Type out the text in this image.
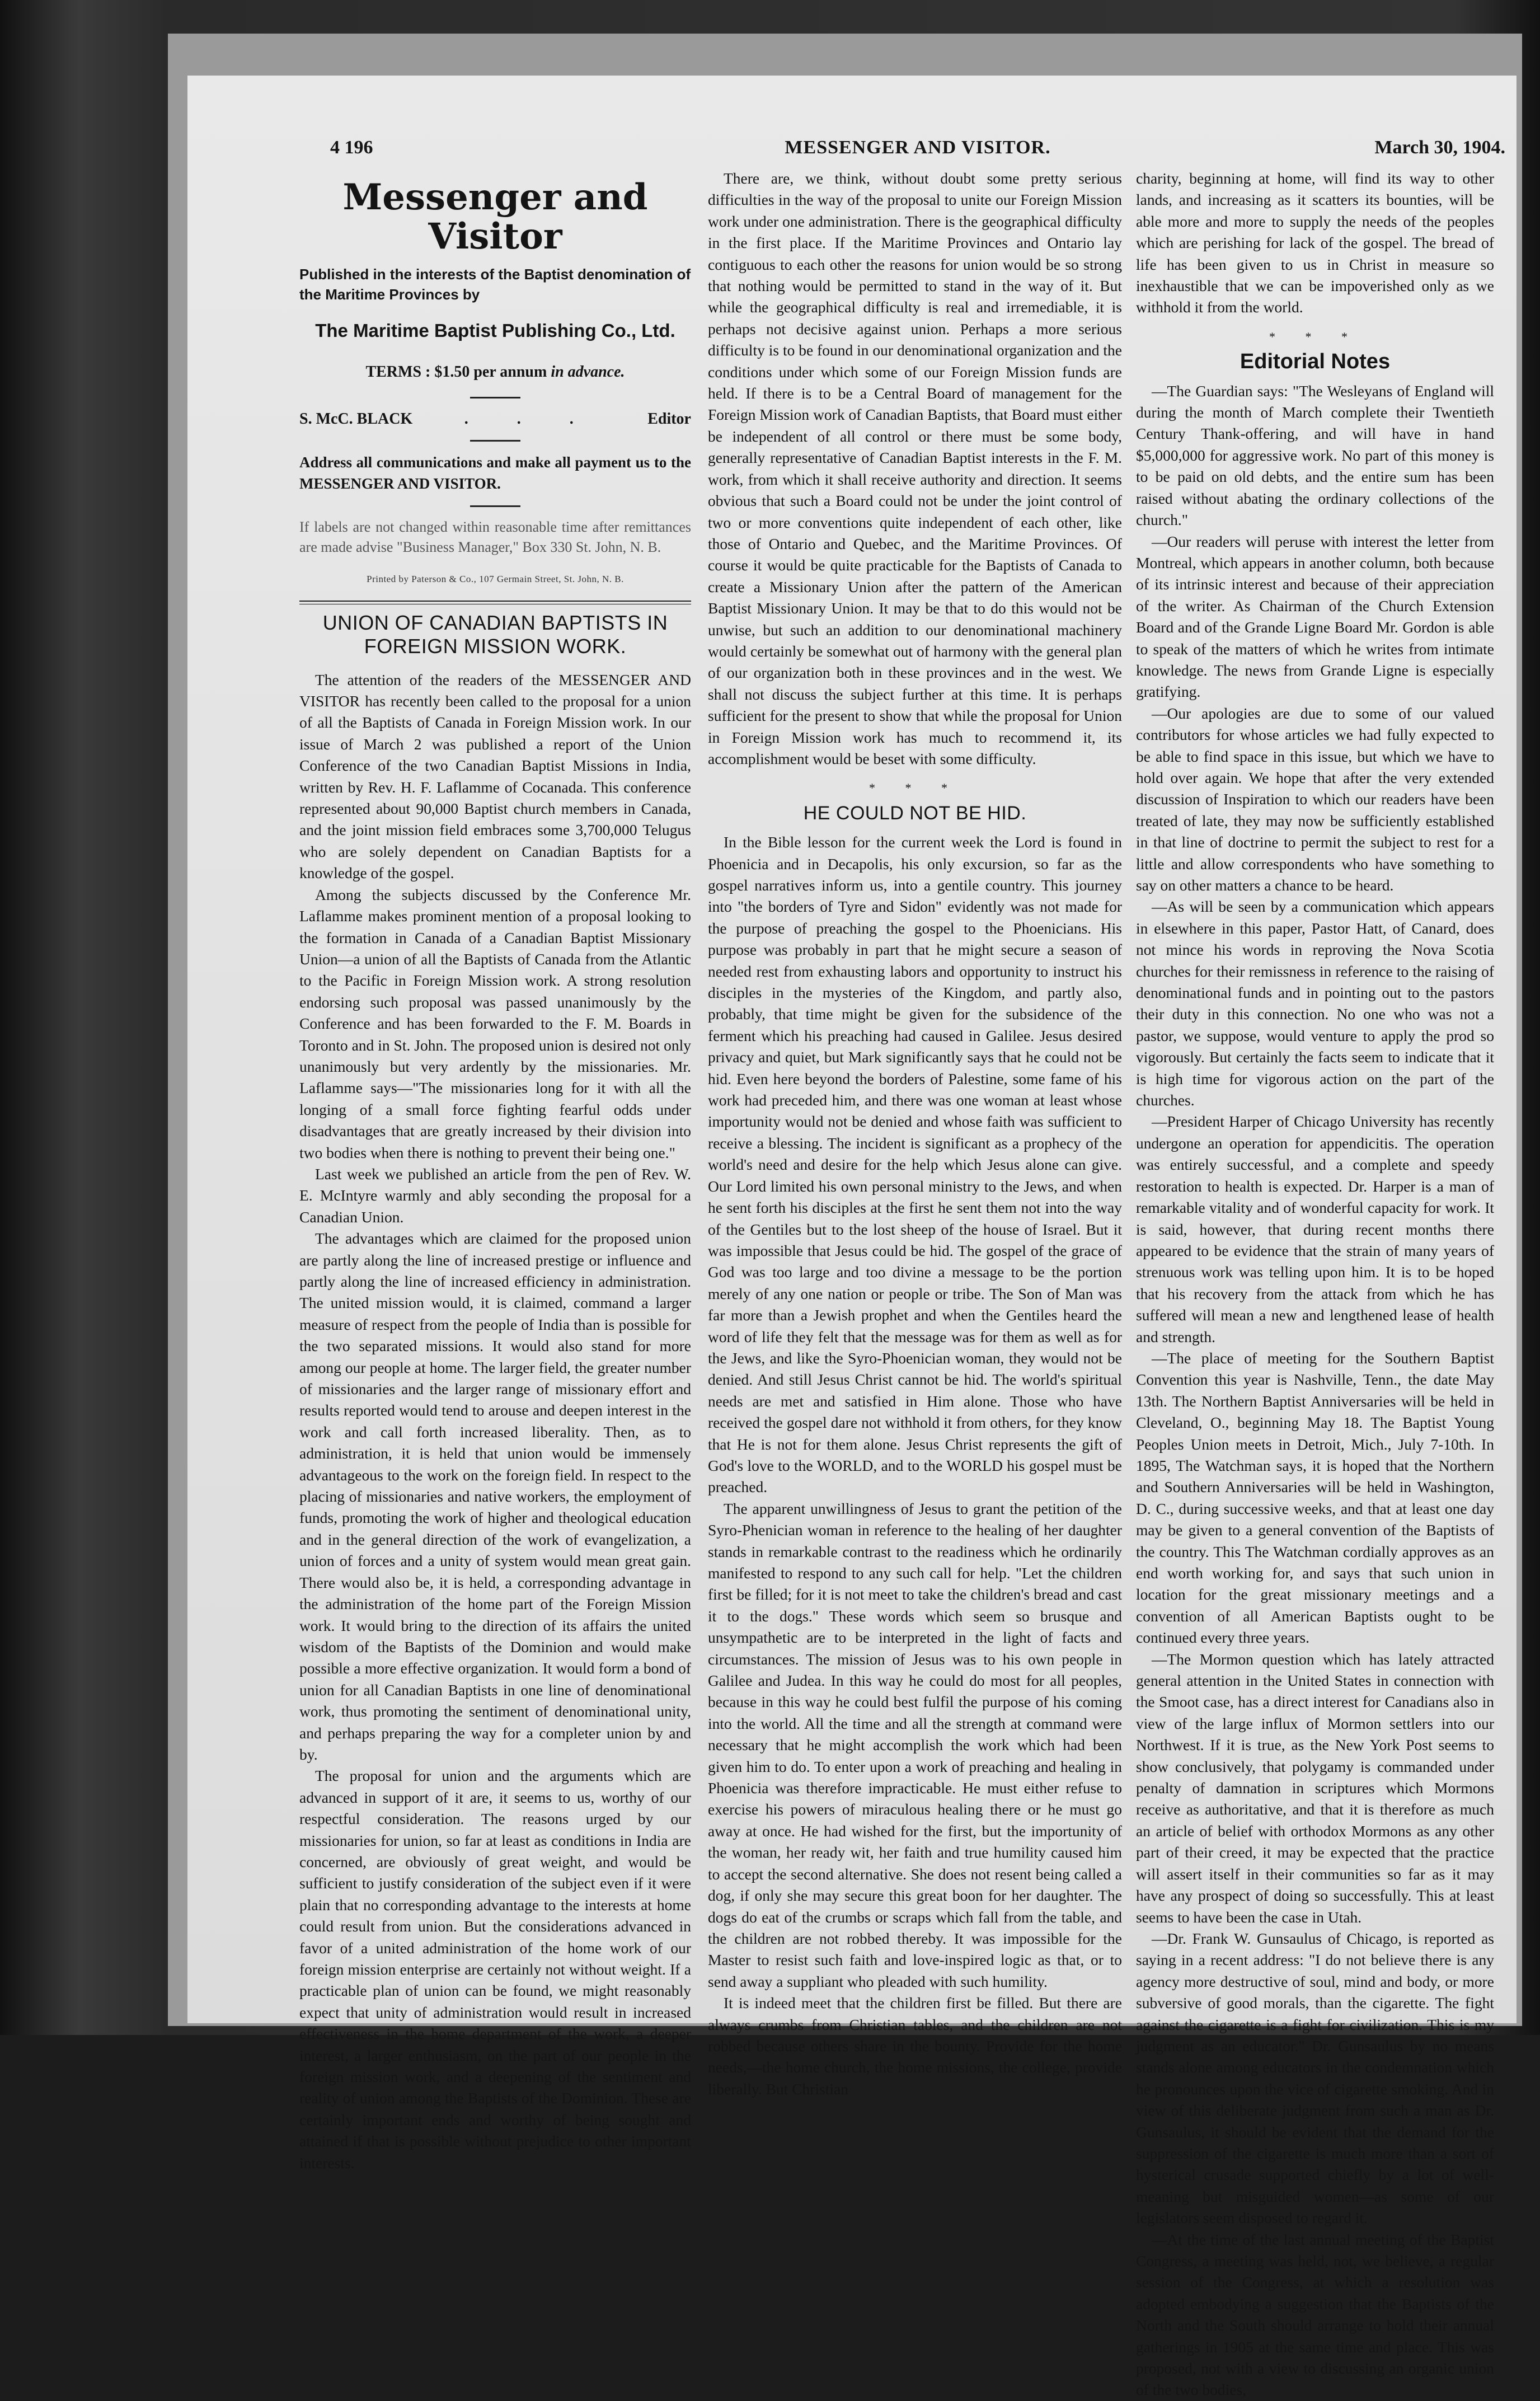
4 196	MESSENGER AND VISITOR.	March 30, 1904.
Messenger and Visitor
Published in the interests of the Baptist denomination of the Maritime Provinces by
The Maritime Baptist Publishing Co., Ltd.
TERMS : $1.50 per annum in advance.
S. McC. BLACK	. . .	Editor
Address all communications and make all payment us to the MESSENGER AND VISITOR.
If labels are not changed within reasonable time after remittances are made advise "Business Manager," Box 330 St. John, N. B.
Printed by Paterson & Co., 107 Germain Street, St. John, N. B.
UNION OF CANADIAN BAPTISTS IN FOREIGN MISSION WORK.

The attention of the readers of the MESSENGER AND VISITOR has recently been called to the proposal for a union of all the Baptists of Canada in Foreign Mission work. In our issue of March 2 was published a report of the Union Conference of the two Canadian Baptist Missions in India, written by Rev. H. F. Laflamme of Cocanada. This conference represented about 90,000 Baptist church members in Canada, and the joint mission field embraces some 3,700,000 Telugus who are solely dependent on Canadian Baptists for a knowledge of the gospel.

Among the subjects discussed by the Conference Mr. Laflamme makes prominent mention of a proposal looking to the formation in Canada of a Canadian Baptist Missionary Union—a union of all the Baptists of Canada from the Atlantic to the Pacific in Foreign Mission work. A strong resolution endorsing such proposal was passed unanimously by the Conference and has been forwarded to the F. M. Boards in Toronto and in St. John. The proposed union is desired not only unanimously but very ardently by the missionaries. Mr. Laflamme says—"The missionaries long for it with all the longing of a small force fighting fearful odds under disadvantages that are greatly increased by their division into two bodies when there is nothing to prevent their being one."

Last week we published an article from the pen of Rev. W. E. McIntyre warmly and ably seconding the proposal for a Canadian Union.

The advantages which are claimed for the proposed union are partly along the line of increased prestige or influence and partly along the line of increased efficiency in administration. The united mission would, it is claimed, command a larger measure of respect from the people of India than is possible for the two separated missions. It would also stand for more among our people at home. The larger field, the greater number of missionaries and the larger range of missionary effort and results reported would tend to arouse and deepen interest in the work and call forth increased liberality. Then, as to administration, it is held that union would be immensely advantageous to the work on the foreign field. In respect to the placing of missionaries and native workers, the employment of funds, promoting the work of higher and theological education and in the general direction of the work of evangelization, a union of forces and a unity of system would mean great gain. There would also be, it is held, a corresponding advantage in the administration of the home part of the Foreign Mission work. It would bring to the direction of its affairs the united wisdom of the Baptists of the Dominion and would make possible a more effective organization. It would form a bond of union for all Canadian Baptists in one line of denominational work, thus promoting the sentiment of denominational unity, and perhaps preparing the way for a completer union by and by.

The proposal for union and the arguments which are advanced in support of it are, it seems to us, worthy of our respectful consideration. The reasons urged by our missionaries for union, so far at least as conditions in India are concerned, are obviously of great weight, and would be sufficient to justify consideration of the subject even if it were plain that no corresponding advantage to the interests at home could result from union. But the considerations advanced in favor of a united administration of the home work of our foreign mission enterprise are certainly not without weight. If a practicable plan of union can be found, we might reasonably expect that unity of administration would result in increased effectiveness in the home department of the work, a deeper interest, a larger enthusiasm, on the part of our people in the foreign mission work, and a deepening of the sentiment and reality of union among the Baptists of the Dominion. These are certainly important ends and worthy of being sought and attained if that is possible without prejudice to other important interests.

There are, we think, without doubt some pretty serious difficulties in the way of the proposal to unite our Foreign Mission work under one administration. There is the geographical difficulty in the first place. If the Maritime Provinces and Ontario lay contiguous to each other the reasons for union would be so strong that nothing would be permitted to stand in the way of it. But while the geographical difficulty is real and irremediable, it is perhaps not decisive against union. Perhaps a more serious difficulty is to be found in our denominational organization and the conditions under which some of our Foreign Mission funds are held. If there is to be a Central Board of management for the Foreign Mission work of Canadian Baptists, that Board must either be independent of all control or there must be some body, generally representative of Canadian Baptist interests in the F. M. work, from which it shall receive authority and direction. It seems obvious that such a Board could not be under the joint control of two or more conventions quite independent of each other, like those of Ontario and Quebec, and the Maritime Provinces. Of course it would be quite practicable for the Baptists of Canada to create a Missionary Union after the pattern of the American Baptist Missionary Union. It may be that to do this would not be unwise, but such an addition to our denominational machinery would certainly be somewhat out of harmony with the general plan of our organization both in these provinces and in the west. We shall not discuss the subject further at this time. It is perhaps sufficient for the present to show that while the proposal for Union in Foreign Mission work has much to recommend it, its accomplishment would be beset with some difficulty.

* * *
HE COULD NOT BE HID.

In the Bible lesson for the current week the Lord is found in Phoenicia and in Decapolis, his only excursion, so far as the gospel narratives inform us, into a gentile country. This journey into "the borders of Tyre and Sidon" evidently was not made for the purpose of preaching the gospel to the Phoenicians. His purpose was probably in part that he might secure a season of needed rest from exhausting labors and opportunity to instruct his disciples in the mysteries of the Kingdom, and partly also, probably, that time might be given for the subsidence of the ferment which his preaching had caused in Galilee. Jesus desired privacy and quiet, but Mark significantly says that he could not be hid. Even here beyond the borders of Palestine, some fame of his work had preceded him, and there was one woman at least whose importunity would not be denied and whose faith was sufficient to receive a blessing. The incident is significant as a prophecy of the world's need and desire for the help which Jesus alone can give. Our Lord limited his own personal ministry to the Jews, and when he sent forth his disciples at the first he sent them not into the way of the Gentiles but to the lost sheep of the house of Israel. But it was impossible that Jesus could be hid. The gospel of the grace of God was too large and too divine a message to be the portion merely of any one nation or people or tribe. The Son of Man was far more than a Jewish prophet and when the Gentiles heard the word of life they felt that the message was for them as well as for the Jews, and like the Syro-Phoenician woman, they would not be denied. And still Jesus Christ cannot be hid. The world's spiritual needs are met and satisfied in Him alone. Those who have received the gospel dare not withhold it from others, for they know that He is not for them alone. Jesus Christ represents the gift of God's love to the WORLD, and to the WORLD his gospel must be preached.

The apparent unwillingness of Jesus to grant the petition of the Syro-Phenician woman in reference to the healing of her daughter stands in remarkable contrast to the readiness which he ordinarily manifested to respond to any such call for help. "Let the children first be filled; for it is not meet to take the children's bread and cast it to the dogs." These words which seem so brusque and unsympathetic are to be interpreted in the light of facts and circumstances. The mission of Jesus was to his own people in Galilee and Judea. In this way he could do most for all peoples, because in this way he could best fulfil the purpose of his coming into the world. All the time and all the strength at command were necessary that he might accomplish the work which had been given him to do. To enter upon a work of preaching and healing in Phoenicia was therefore impracticable. He must either refuse to exercise his powers of miraculous healing there or he must go away at once. He had wished for the first, but the importunity of the woman, her ready wit, her faith and true humility caused him to accept the second alternative. She does not resent being called a dog, if only she may secure this great boon for her daughter. The dogs do eat of the crumbs or scraps which fall from the table, and the children are not robbed thereby. It was impossible for the Master to resist such faith and love-inspired logic as that, or to send away a suppliant who pleaded with such humility.

It is indeed meet that the children first be filled. But there are always crumbs from Christian tables, and the children are not robbed because others share in the bounty. Provide for the home needs,—the home church, the home missions, the college, provide liberally. But Christian

charity, beginning at home, will find its way to other lands, and increasing as it scatters its bounties, will be able more and more to supply the needs of the peoples which are perishing for lack of the gospel. The bread of life has been given to us in Christ in measure so inexhaustible that we can be impoverished only as we withhold it from the world.

* * *
Editorial Notes

—The Guardian says: "The Wesleyans of England will during the month of March complete their Twentieth Century Thank-offering, and will have in hand $5,000,000 for aggressive work. No part of this money is to be paid on old debts, and the entire sum has been raised without abating the ordinary collections of the church."

—Our readers will peruse with interest the letter from Montreal, which appears in another column, both because of its intrinsic interest and because of their appreciation of the writer. As Chairman of the Church Extension Board and of the Grande Ligne Board Mr. Gordon is able to speak of the matters of which he writes from intimate knowledge. The news from Grande Ligne is especially gratifying.

—Our apologies are due to some of our valued contributors for whose articles we had fully expected to be able to find space in this issue, but which we have to hold over again. We hope that after the very extended discussion of Inspiration to which our readers have been treated of late, they may now be sufficiently established in that line of doctrine to permit the subject to rest for a little and allow correspondents who have something to say on other matters a chance to be heard.

—As will be seen by a communication which appears in elsewhere in this paper, Pastor Hatt, of Canard, does not mince his words in reproving the Nova Scotia churches for their remissness in reference to the raising of denominational funds and in pointing out to the pastors their duty in this connection. No one who was not a pastor, we suppose, would venture to apply the prod so vigorously. But certainly the facts seem to indicate that it is high time for vigorous action on the part of the churches.

—President Harper of Chicago University has recently undergone an operation for appendicitis. The operation was entirely successful, and a complete and speedy restoration to health is expected. Dr. Harper is a man of remarkable vitality and of wonderful capacity for work. It is said, however, that during recent months there appeared to be evidence that the strain of many years of strenuous work was telling upon him. It is to be hoped that his recovery from the attack from which he has suffered will mean a new and lengthened lease of health and strength.

—The place of meeting for the Southern Baptist Convention this year is Nashville, Tenn., the date May 13th. The Northern Baptist Anniversaries will be held in Cleveland, O., beginning May 18. The Baptist Young Peoples Union meets in Detroit, Mich., July 7-10th. In 1895, The Watchman says, it is hoped that the Northern and Southern Anniversaries will be held in Washington, D. C., during successive weeks, and that at least one day may be given to a general convention of the Baptists of the country. This The Watchman cordially approves as an end worth working for, and says that such union in location for the great missionary meetings and a convention of all American Baptists ought to be continued every three years.

—The Mormon question which has lately attracted general attention in the United States in connection with the Smoot case, has a direct interest for Canadians also in view of the large influx of Mormon settlers into our Northwest. If it is true, as the New York Post seems to show conclusively, that polygamy is commanded under penalty of damnation in scriptures which Mormons receive as authoritative, and that it is therefore as much an article of belief with orthodox Mormons as any other part of their creed, it may be expected that the practice will assert itself in their communities so far as it may have any prospect of doing so successfully. This at least seems to have been the case in Utah.

—Dr. Frank W. Gunsaulus of Chicago, is reported as saying in a recent address: "I do not believe there is any agency more destructive of soul, mind and body, or more subversive of good morals, than the cigarette. The fight against the cigarette is a fight for civilization. This is my judgment as an educator." Dr. Gunsaulus by no means stands alone among educators in the condemnation which he pronounces upon the vice of cigarette smoking. And in view of this deliberate judgment from such a man as Dr. Gunsaulus, it should be evident that the demand for the suppression of the cigarette is much more than a sort of hysterical crusade supported chiefly by a lot of well-meaning but misguided women—as some of our legislators seem disposed to regard it.

—At the time of the last annual meeting of the Baptist Congress, a meeting was held, not, we believe, a regular session of the Congress, at which a resolution was adopted embodying a suggestion that the Baptists of the North and the South should arrange to hold their annual gatherings in 1905 at the same time and place. This was proposed, not with a view to discussing an organic union of the two bodies,
